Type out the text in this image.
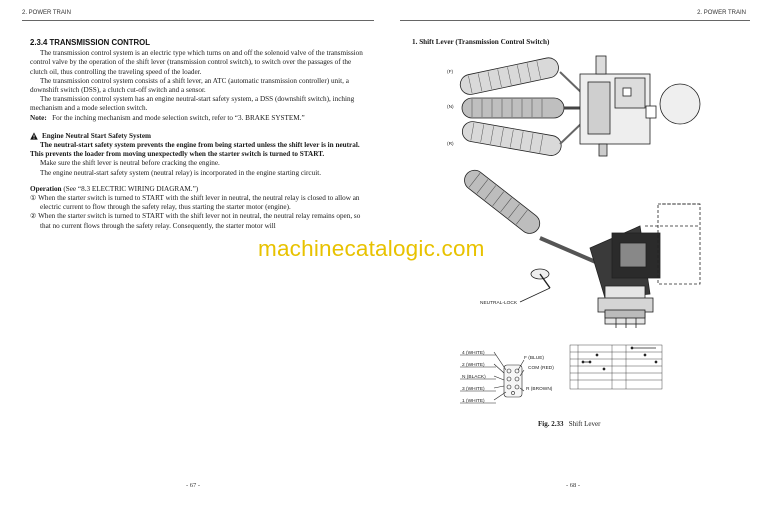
2. POWER TRAIN	2. POWER TRAIN
2.3.4 TRANSMISSION CONTROL

The transmission control system is an electric type which turns on and off the solenoid valve of the transmission control valve by the operation of the shift lever (transmission control switch), to switch over the passages of the clutch oil, thus controlling the traveling speed of the loader.

The transmission control system consists of a shift lever, an ATC (automatic transmission controller) unit, a downshift switch (DSS), a clutch cut-off switch and a sensor.

The transmission control system has an engine neutral-start safety system, a DSS (downshift switch), inching mechanism and a mode selection switch.

Note: For the inching mechanism and mode selection switch, refer to “3. BRAKE SYSTEM.”

Engine Neutral Start Safety System

The neutral-start safety system prevents the engine from being started unless the shift lever is in neutral. This prevents the loader from moving unexpectedly when the starter switch is turned to START.

Make sure the shift lever is neutral before cracking the engine.

The engine neutral-start safety system (neutral relay) is incorporated in the engine starting circuit.

Operation (See “8.3 ELECTRIC WIRING DIAGRAM.”)

① When the starter switch is turned to START with the shift lever in neutral, the neutral relay is closed to allow an electric current to flow through the safety relay, thus starting the starter motor (engine).

② When the starter switch is turned to START with the shift lever not in neutral, the neutral relay remains open, so that no current flows through the safety relay. Consequently, the starter motor will

- 67 -
1. Shift Lever (Transmission Control Switch)
(F)
(N)
(R)
NEUTRAL-LOCK
4 (WHITE)
2 (WHITE)
N (BLACK)
3 (WHITE)
1 (WHITE)
F (BLUE)
COM (RED)
R (BROWN)
Fig. 2.33 Shift Lever
- 68 -
machinecatalogic.com
